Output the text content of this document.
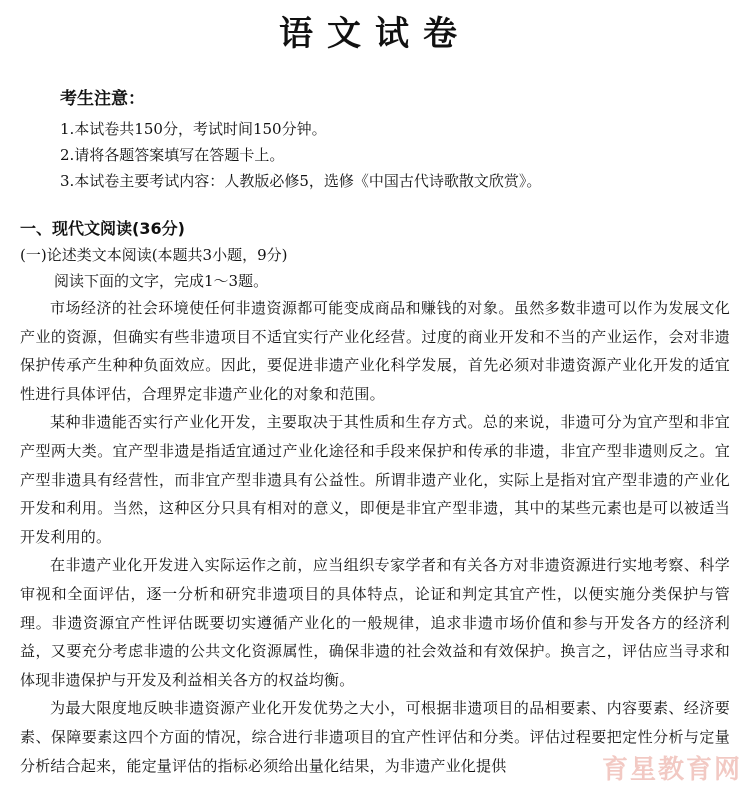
语文试卷
考生注意：
1.本试卷共150分，考试时间150分钟。
2.请将各题答案填写在答题卡上。
3.本试卷主要考试内容：人教版必修5，选修《中国古代诗歌散文欣赏》。
一、现代文阅读(36分)
(一)论述类文本阅读(本题共3小题，9分)
阅读下面的文字，完成1～3题。

市场经济的社会环境使任何非遗资源都可能变成商品和赚钱的对象。虽然多数非遗可以作为发展文化产业的资源，但确实有些非遗项目不适宜实行产业化经营。过度的商业开发和不当的产业运作，会对非遗保护传承产生种种负面效应。因此，要促进非遗产业化科学发展，首先必须对非遗资源产业化开发的适宜性进行具体评估，合理界定非遗产业化的对象和范围。

某种非遗能否实行产业化开发，主要取决于其性质和生存方式。总的来说，非遗可分为宜产型和非宜产型两大类。宜产型非遗是指适宜通过产业化途径和手段来保护和传承的非遗，非宜产型非遗则反之。宜产型非遗具有经营性，而非宜产型非遗具有公益性。所谓非遗产业化，实际上是指对宜产型非遗的产业化开发和利用。当然，这种区分只具有相对的意义，即便是非宜产型非遗，其中的某些元素也是可以被适当开发利用的。

在非遗产业化开发进入实际运作之前，应当组织专家学者和有关各方对非遗资源进行实地考察、科学审视和全面评估，逐一分析和研究非遗项目的具体特点，论证和判定其宜产性，以便实施分类保护与管理。非遗资源宜产性评估既要切实遵循产业化的一般规律，追求非遗市场价值和参与开发各方的经济利益，又要充分考虑非遗的公共文化资源属性，确保非遗的社会效益和有效保护。换言之，评估应当寻求和体现非遗保护与开发及利益相关各方的权益均衡。

为最大限度地反映非遗资源产业化开发优势之大小，可根据非遗项目的品相要素、内容要素、经济要素、保障要素这四个方面的情况，综合进行非遗项目的宜产性评估和分类。评估过程要把定性分析与定量分析结合起来，能定量评估的指标必须给出量化结果，为非遗产业化提供	育星教育网
